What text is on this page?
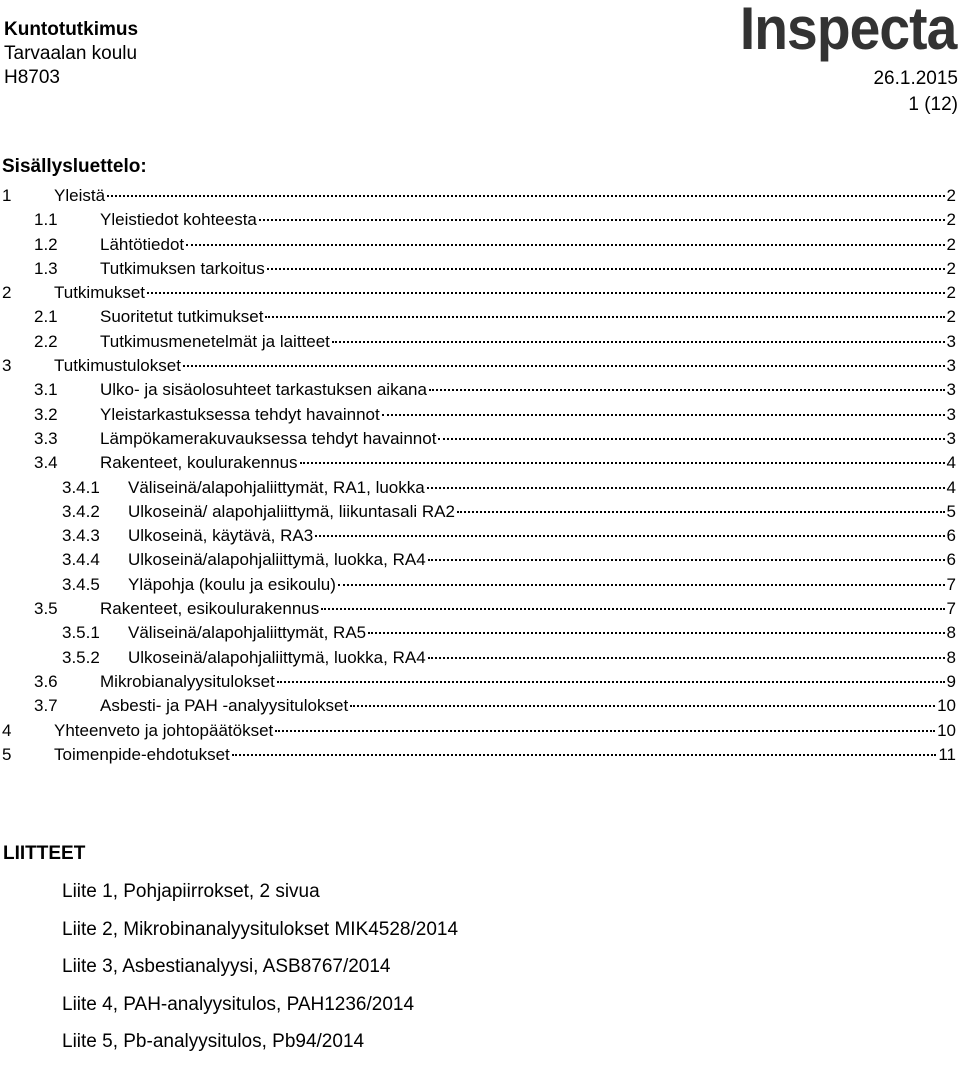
Kuntotutkimus
Tarvaalan koulu
H8703
Inspecta
26.1.2015
1 (12)
Sisällysluettelo:
1	Yleistä	2
1.1	Yleistiedot kohteesta	2
1.2	Lähtötiedot	2
1.3	Tutkimuksen tarkoitus	2
2	Tutkimukset	2
2.1	Suoritetut tutkimukset	2
2.2	Tutkimusmenetelmät ja laitteet	3
3	Tutkimustulokset	3
3.1	Ulko- ja sisäolosuhteet tarkastuksen aikana	3
3.2	Yleistarkastuksessa tehdyt havainnot	3
3.3	Lämpökamerakuvauksessa tehdyt havainnot	3
3.4	Rakenteet, koulurakennus	4
3.4.1	Väliseinä/alapohjaliittymät, RA1, luokka	4
3.4.2	Ulkoseinä/ alapohjaliittymä, liikuntasali RA2	5
3.4.3	Ulkoseinä, käytävä, RA3	6
3.4.4	Ulkoseinä/alapohjaliittymä, luokka, RA4	6
3.4.5	Yläpohja (koulu ja esikoulu)	7
3.5	Rakenteet, esikoulurakennus	7
3.5.1	Väliseinä/alapohjaliittymät, RA5	8
3.5.2	Ulkoseinä/alapohjaliittymä, luokka, RA4	8
3.6	Mikrobianalyysitulokset	9
3.7	Asbesti- ja PAH -analyysitulokset	10
4	Yhteenveto ja johtopäätökset	10
5	Toimenpide-ehdotukset	11
LIITTEET
Liite 1, Pohjapiirrokset, 2 sivua
Liite 2, Mikrobinanalyysitulokset MIK4528/2014
Liite 3, Asbestianalyysi, ASB8767/2014
Liite 4, PAH-analyysitulos, PAH1236/2014
Liite 5, Pb-analyysitulos, Pb94/2014
